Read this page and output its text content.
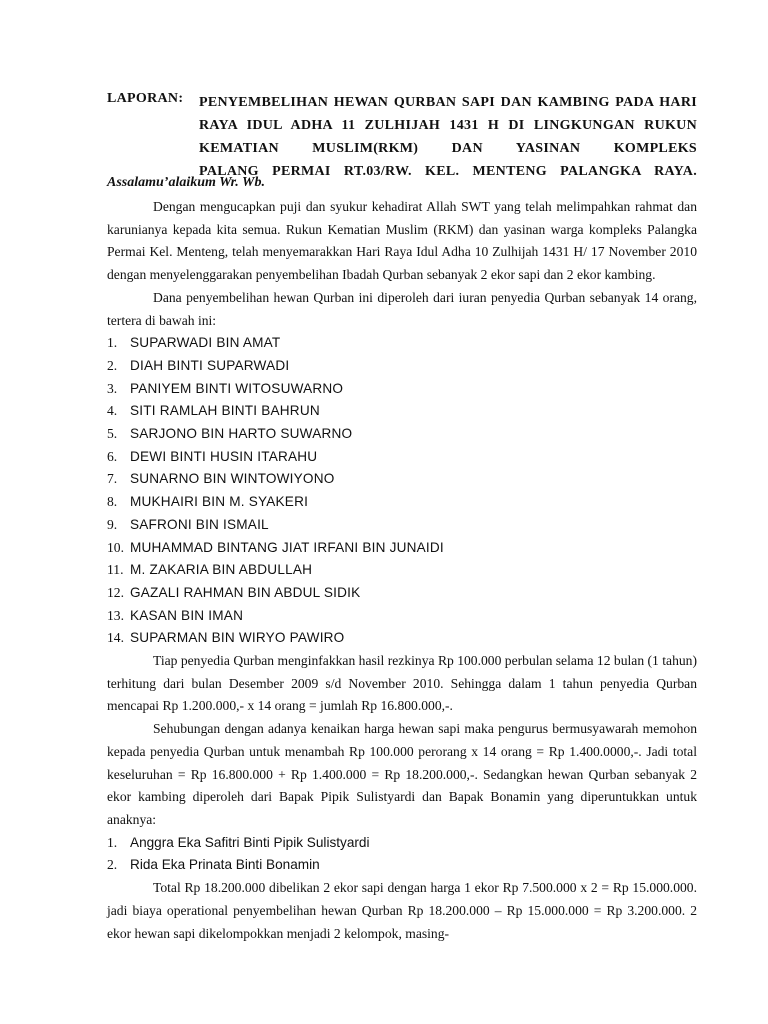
LAPORAN: PENYEMBELIHAN HEWAN QURBAN SAPI DAN KAMBING PADA HARI RAYA IDUL ADHA 11 ZULHIJAH 1431 H DI LINGKUNGAN RUKUN KEMATIAN MUSLIM(RKM) DAN YASINAN KOMPLEKS
PALANG PERMAI RT.03/RW. KEL. MENTENG PALANGKA RAYA.
Assalamu’alaikum Wr. Wb.

Dengan mengucapkan puji dan syukur kehadirat Allah SWT yang telah melimpahkan rahmat dan karunianya kepada kita semua. Rukun Kematian Muslim (RKM) dan yasinan warga kompleks Palangka Permai Kel. Menteng, telah menyemarakkan Hari Raya Idul Adha 10 Zulhijah 1431 H/ 17 November 2010 dengan menyelenggarakan penyembelihan Ibadah Qurban sebanyak 2 ekor sapi dan 2 ekor kambing.

Dana penyembelihan hewan Qurban ini diperoleh dari iuran penyedia Qurban sebanyak 14 orang, tertera di bawah ini:

1. SUPARWADI BIN AMAT
2. DIAH BINTI SUPARWADI
3. PANIYEM BINTI WITOSUWARNO
4. SITI RAMLAH BINTI BAHRUN
5. SARJONO BIN HARTO SUWARNO
6. DEWI BINTI HUSIN ITARAHU
7. SUNARNO BIN WINTOWIYONO
8. MUKHAIRI BIN M. SYAKERI
9. SAFRONI BIN ISMAIL
10. MUHAMMAD BINTANG JIAT IRFANI BIN JUNAIDI
11. M. ZAKARIA BIN ABDULLAH
12. GAZALI RAHMAN BIN ABDUL SIDIK
13. KASAN BIN IMAN
14. SUPARMAN BIN WIRYO PAWIRO

Tiap penyedia Qurban menginfakkan hasil rezkinya Rp 100.000 perbulan selama 12 bulan (1 tahun) terhitung dari bulan Desember 2009 s/d November 2010. Sehingga dalam 1 tahun penyedia Qurban mencapai Rp 1.200.000,- x 14 orang = jumlah Rp 16.800.000,-.

Sehubungan dengan adanya kenaikan harga hewan sapi maka pengurus bermusyawarah memohon kepada penyedia Qurban untuk menambah Rp 100.000 perorang x 14 orang = Rp 1.400.0000,-. Jadi total keseluruhan = Rp 16.800.000 + Rp 1.400.000 = Rp 18.200.000,-. Sedangkan hewan Qurban sebanyak 2 ekor kambing diperoleh dari Bapak Pipik Sulistyardi dan Bapak Bonamin yang diperuntukkan untuk anaknya:

1. Anggra Eka Safitri Binti Pipik Sulistyardi
2. Rida Eka Prinata Binti Bonamin

Total Rp 18.200.000 dibelikan 2 ekor sapi dengan harga 1 ekor Rp 7.500.000 x 2 = Rp 15.000.000. jadi biaya operational penyembelihan hewan Qurban Rp 18.200.000 – Rp 15.000.000 = Rp 3.200.000. 2 ekor hewan sapi dikelompokkan menjadi 2 kelompok, masing-
